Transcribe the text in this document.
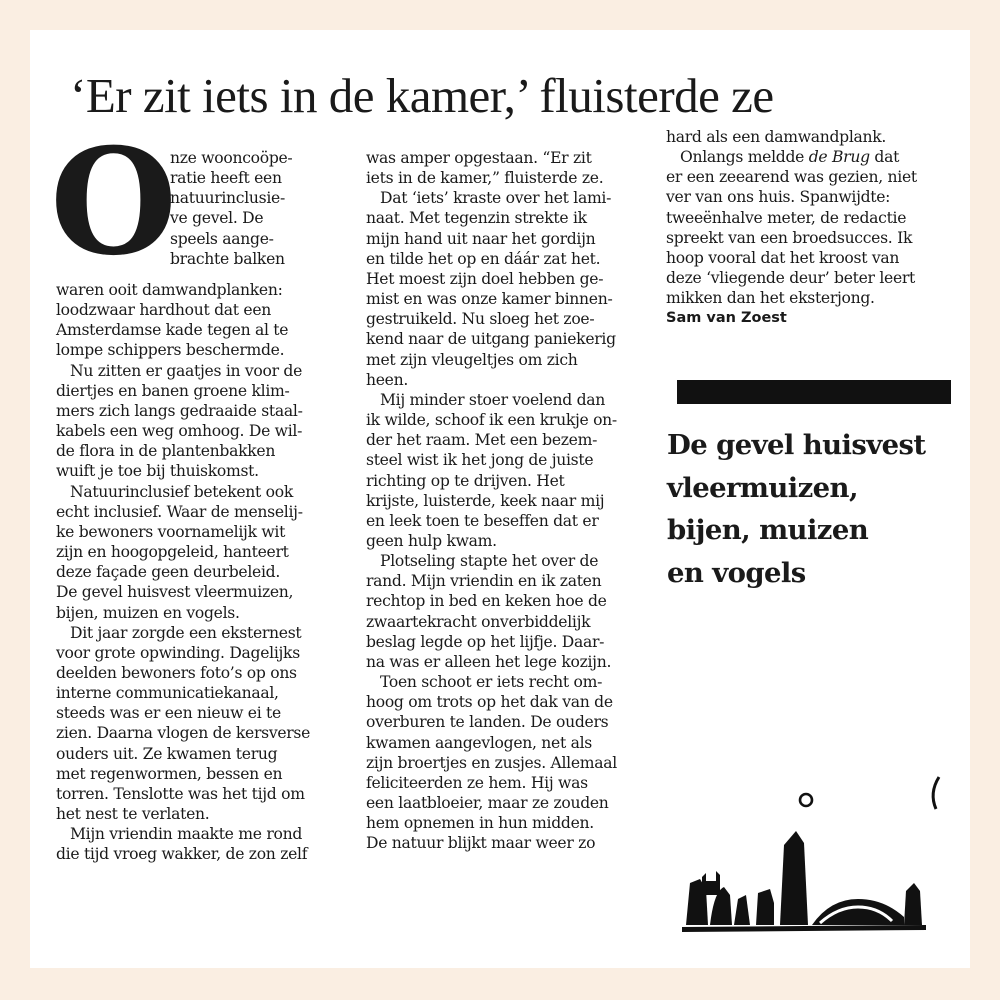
‘Er zit iets in de kamer,’ fluisterde ze
O
nze wooncoöpe-
ratie heeft een
natuurinclusie-
ve gevel. De
speels aange-
brachte balken
waren ooit damwandplanken:
loodzwaar hardhout dat een
Amsterdamse kade tegen al te
lompe schippers beschermde.
Nu zitten er gaatjes in voor de
diertjes en banen groene klim-
mers zich langs gedraaide staal-
kabels een weg omhoog. De wil-
de flora in de plantenbakken
wuift je toe bij thuiskomst.
Natuurinclusief betekent ook
echt inclusief. Waar de menselij-
ke bewoners voornamelijk wit
zijn en hoogopgeleid, hanteert
deze façade geen deurbeleid.
De gevel huisvest vleermuizen,
bijen, muizen en vogels.
Dit jaar zorgde een eksternest
voor grote opwinding. Dagelijks
deelden bewoners foto’s op ons
interne communicatiekanaal,
steeds was er een nieuw ei te
zien. Daarna vlogen de kersverse
ouders uit. Ze kwamen terug
met regenwormen, bessen en
torren. Tenslotte was het tijd om
het nest te verlaten.
Mijn vriendin maakte me rond
die tijd vroeg wakker, de zon zelf
was amper opgestaan. “Er zit
iets in de kamer,” fluisterde ze.
Dat ‘iets’ kraste over het lami-
naat. Met tegenzin strekte ik
mijn hand uit naar het gordijn
en tilde het op en dáár zat het.
Het moest zijn doel hebben ge-
mist en was onze kamer binnen-
gestruikeld. Nu sloeg het zoe-
kend naar de uitgang paniekerig
met zijn vleugeltjes om zich
heen.
Mij minder stoer voelend dan
ik wilde, schoof ik een krukje on-
der het raam. Met een bezem-
steel wist ik het jong de juiste
richting op te drijven. Het
krijste, luisterde, keek naar mij
en leek toen te beseffen dat er
geen hulp kwam.
Plotseling stapte het over de
rand. Mijn vriendin en ik zaten
rechtop in bed en keken hoe de
zwaartekracht onverbiddelijk
beslag legde op het lijfje. Daar-
na was er alleen het lege kozijn.
Toen schoot er iets recht om-
hoog om trots op het dak van de
overburen te landen. De ouders
kwamen aangevlogen, net als
zijn broertjes en zusjes. Allemaal
feliciteerden ze hem. Hij was
een laatbloeier, maar ze zouden
hem opnemen in hun midden.
De natuur blijkt maar weer zo
hard als een damwandplank.
Onlangs meldde de Brug dat
er een zeearend was gezien, niet
ver van ons huis. Spanwijdte:
tweeënhalve meter, de redactie
spreekt van een broedsucces. Ik
hoop vooral dat het kroost van
deze ‘vliegende deur’ beter leert
mikken dan het eksterjong.
Sam van Zoest
De gevel huisvest
vleermuizen,
bijen, muizen
en vogels
